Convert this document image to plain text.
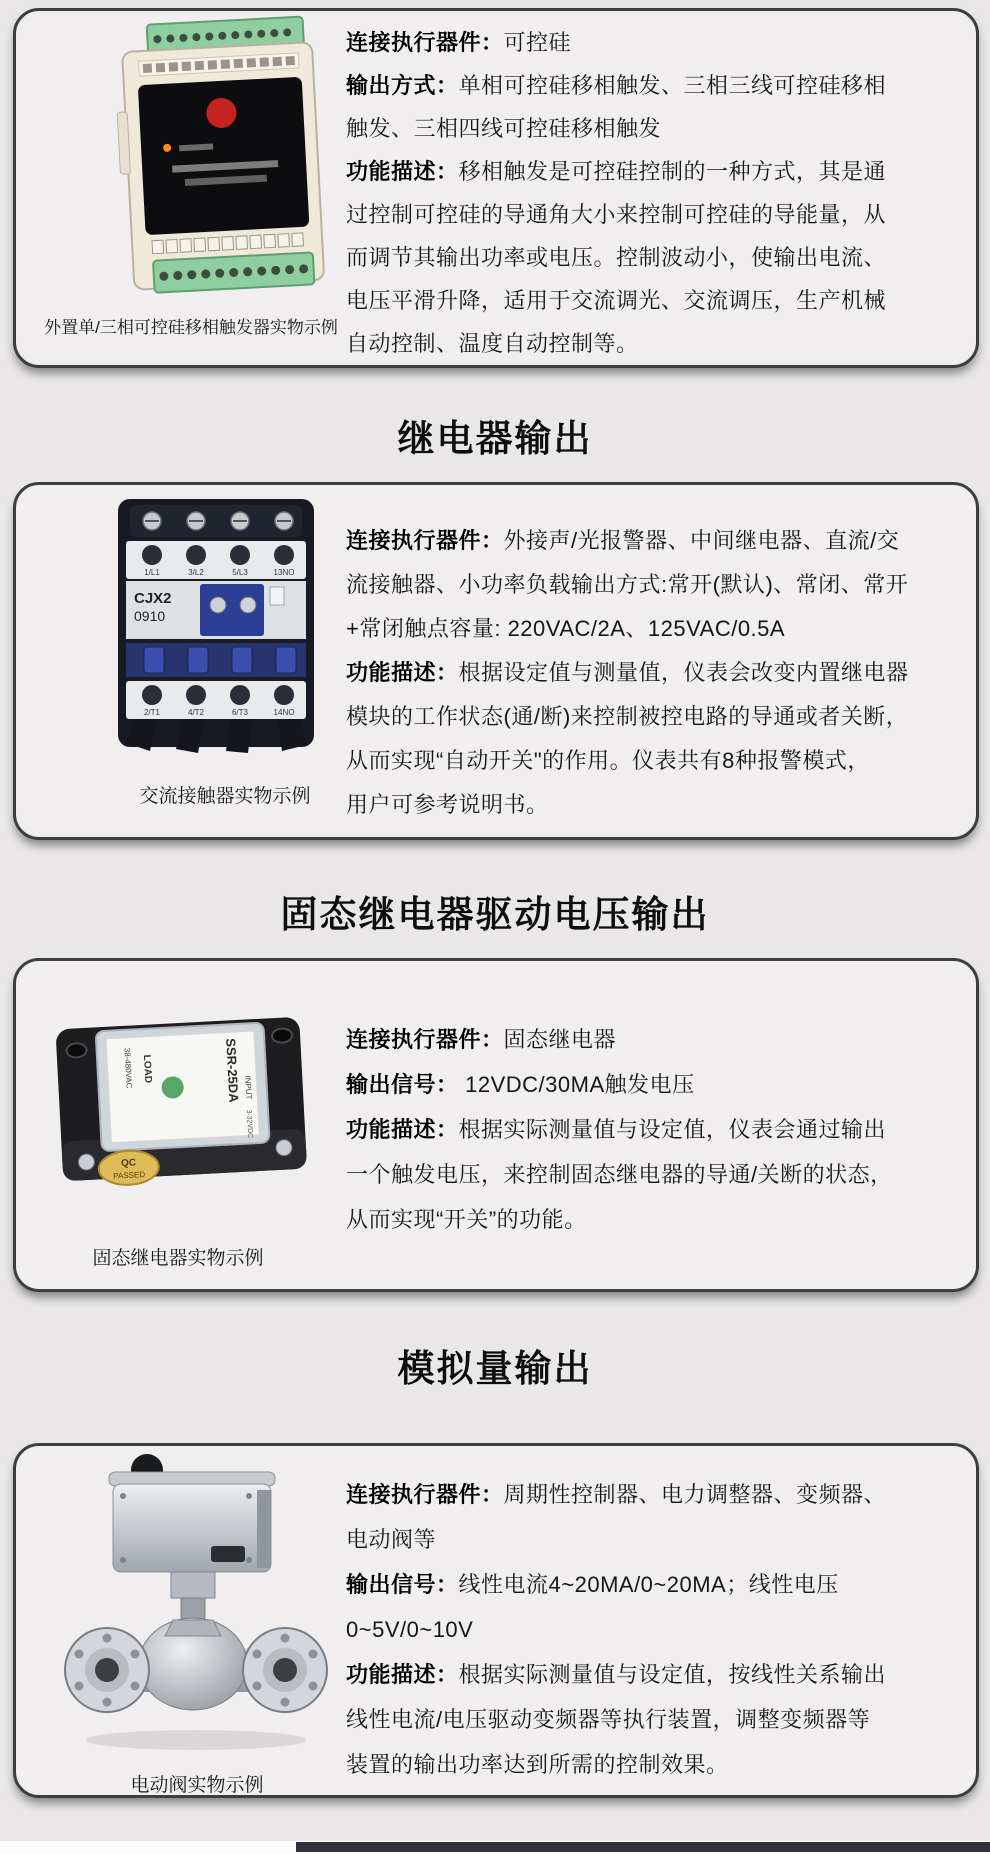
外置单/三相可控硅移相触发器实物示例

连接执行器件：可控硅

输出方式：单相可控硅移相触发、三相三线可控硅移相

触发、三相四线可控硅移相触发

功能描述：移相触发是可控硅控制的一种方式，其是通

过控制可控硅的导通角大小来控制可控硅的导能量，从

而调节其输出功率或电压。控制波动小，使输出电流、

电压平滑升降，适用于交流调光、交流调压，生产机械

自动控制、温度自动控制等。

继电器输出
1/L1	3/L2	5/L3	13NO
CJX2
0910
2/T1	4/T2	6/T3	14NO
交流接触器实物示例

连接执行器件：外接声/光报警器、中间继电器、直流/交

流接触器、小功率负载输出方式:常开(默认)、常闭、常开

+常闭触点容量: 220VAC/2A、125VAC/0.5A

功能描述：根据设定值与测量值，仪表会改变内置继电器

模块的工作状态(通/断)来控制被控电路的导通或者关断，

从而实现“自动开关"的作用。仪表共有8种报警模式，

用户可参考说明书。

固态继电器驱动电压输出
38-480VAC LOAD	SSR-25DA INPUT
3-32VDC
QC
PASSED
固态继电器实物示例

连接执行器件：固态继电器

输出信号： 12VDC/30MA触发电压

功能描述：根据实际测量值与设定值，仪表会通过输出

一个触发电压，来控制固态继电器的导通/关断的状态，

从而实现“开关”的功能。

模拟量输出
电动阀实物示例

连接执行器件：周期性控制器、电力调整器、变频器、

电动阀等

输出信号：线性电流4~20MA/0~20MA；线性电压

0~5V/0~10V

功能描述：根据实际测量值与设定值，按线性关系输出

线性电流/电压驱动变频器等执行装置，调整变频器等

装置的输出功率达到所需的控制效果。
